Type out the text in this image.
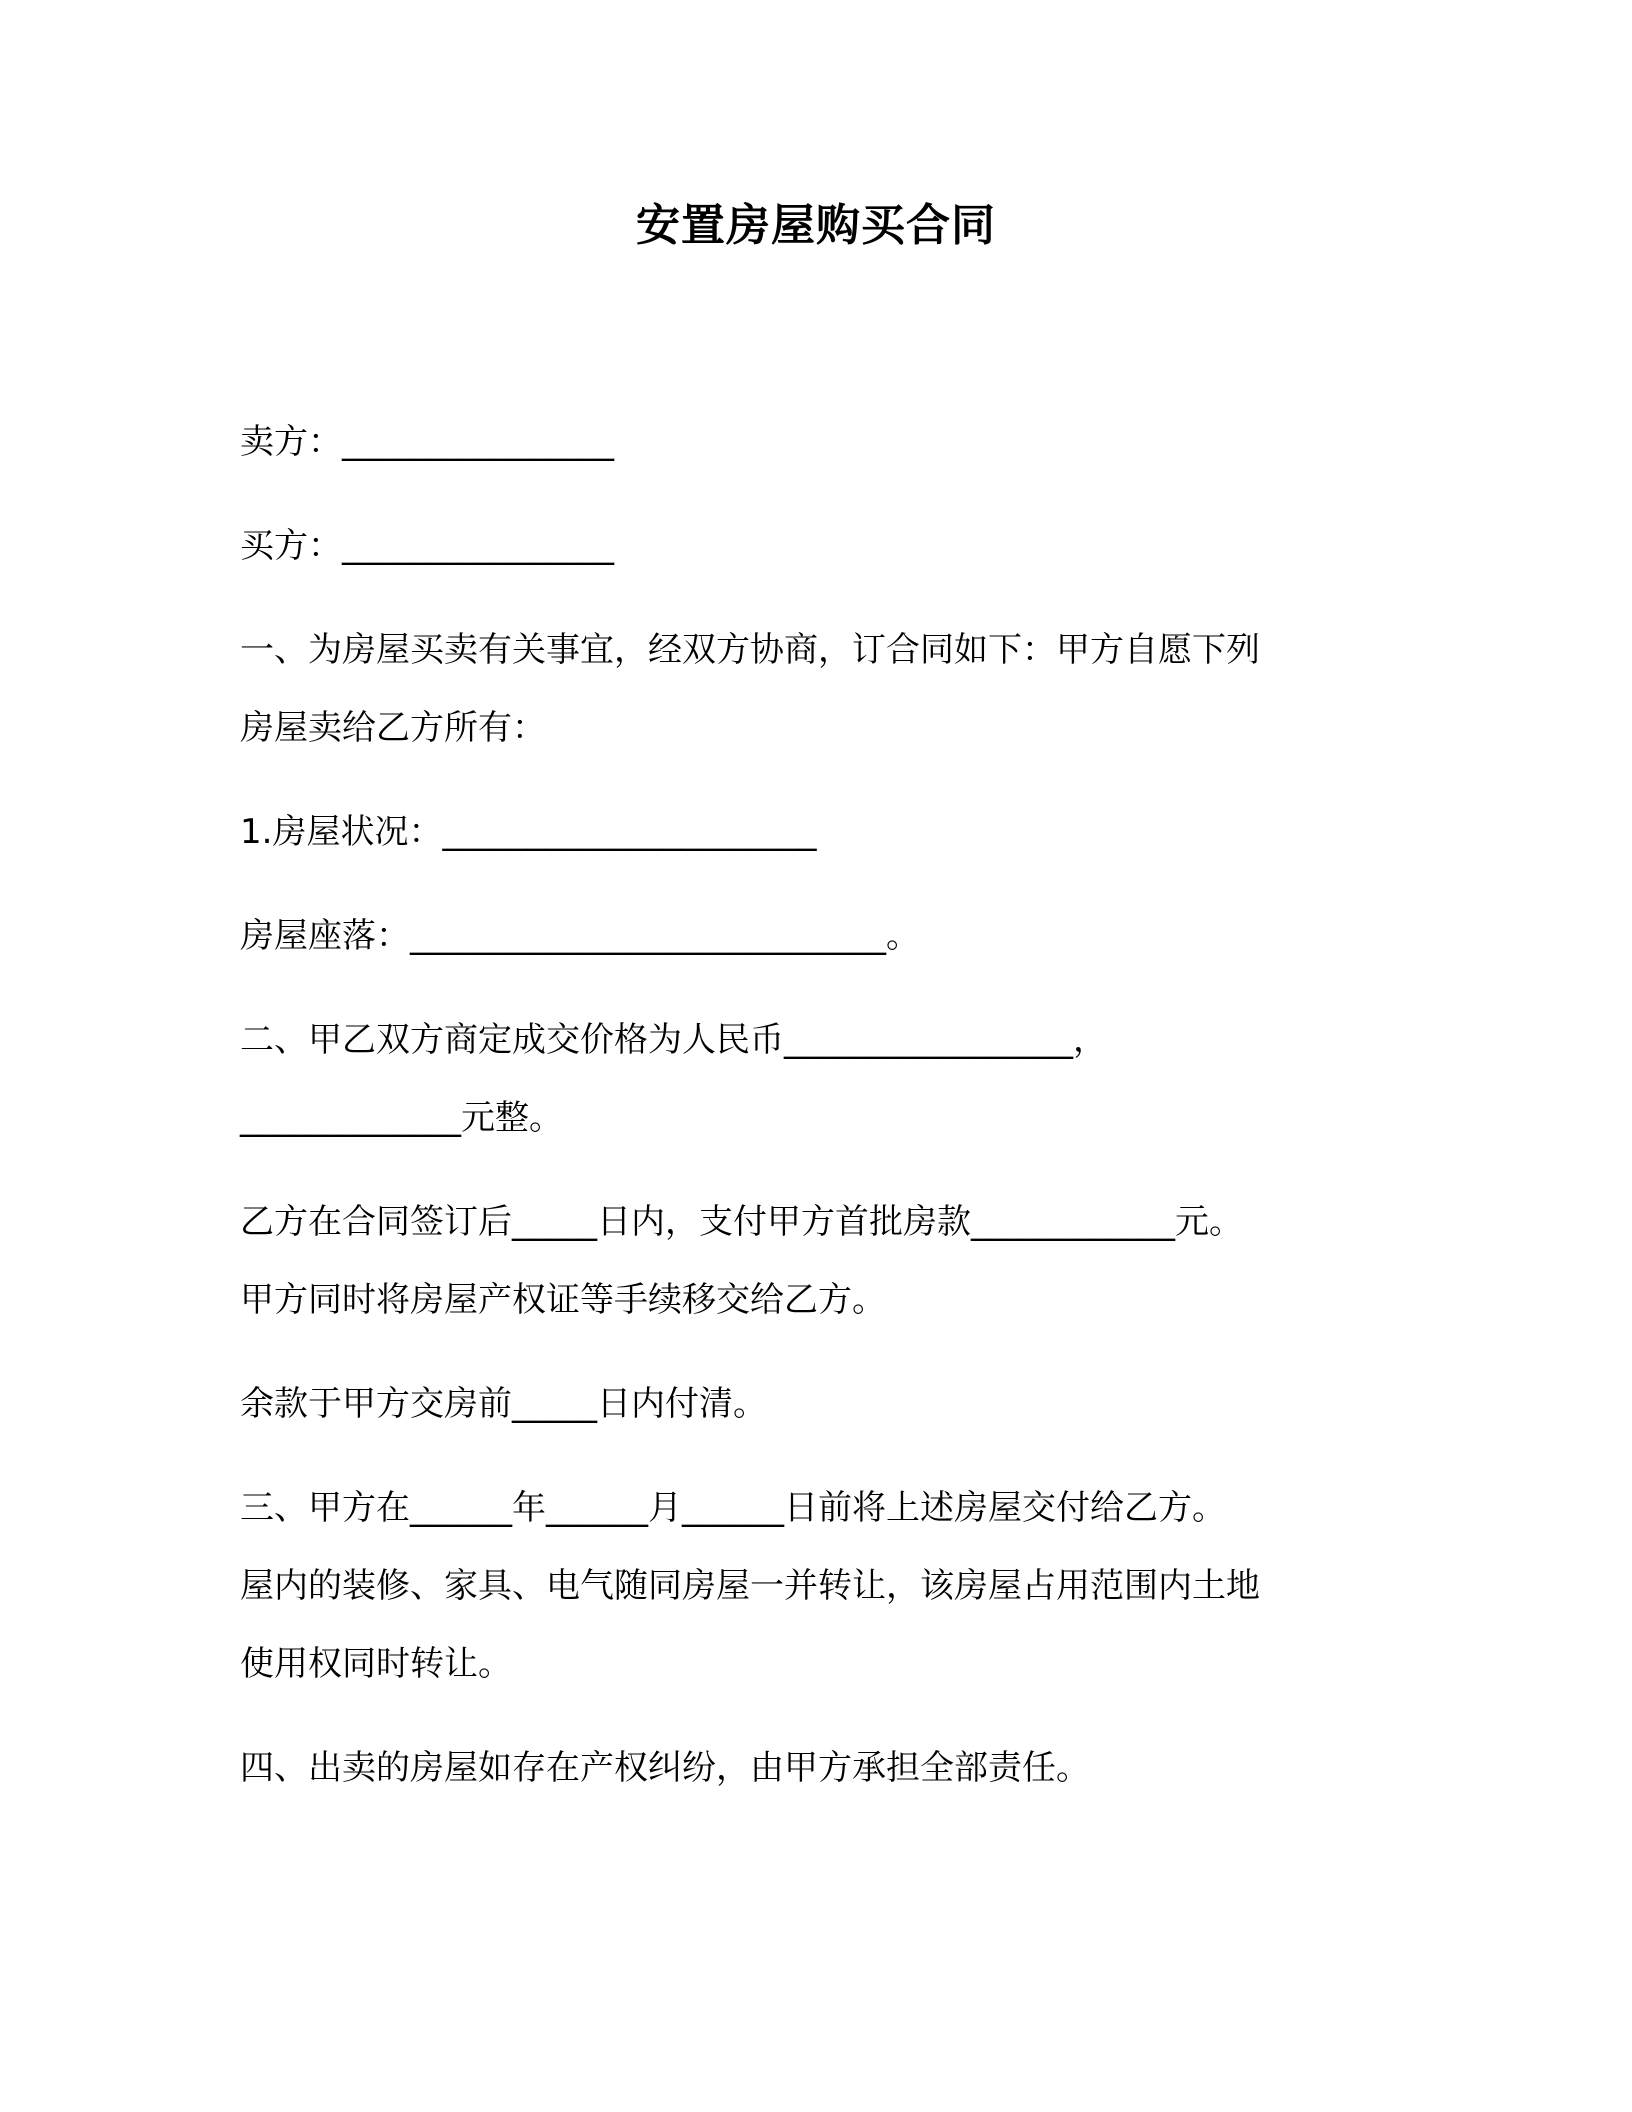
安置房屋购买合同
卖方：________________
买方：________________
一、为房屋买卖有关事宜，经双方协商，订合同如下：甲方自愿下列
房屋卖给乙方所有：
1.房屋状况：______________________
房屋座落：____________________________。
二、甲乙双方商定成交价格为人民币_________________，
_____________元整。
乙方在合同签订后_____日内，支付甲方首批房款____________元。
甲方同时将房屋产权证等手续移交给乙方。
余款于甲方交房前_____日内付清。
三、甲方在______年______月______日前将上述房屋交付给乙方。
屋内的装修、家具、电气随同房屋一并转让，该房屋占用范围内土地
使用权同时转让。
四、出卖的房屋如存在产权纠纷，由甲方承担全部责任。
